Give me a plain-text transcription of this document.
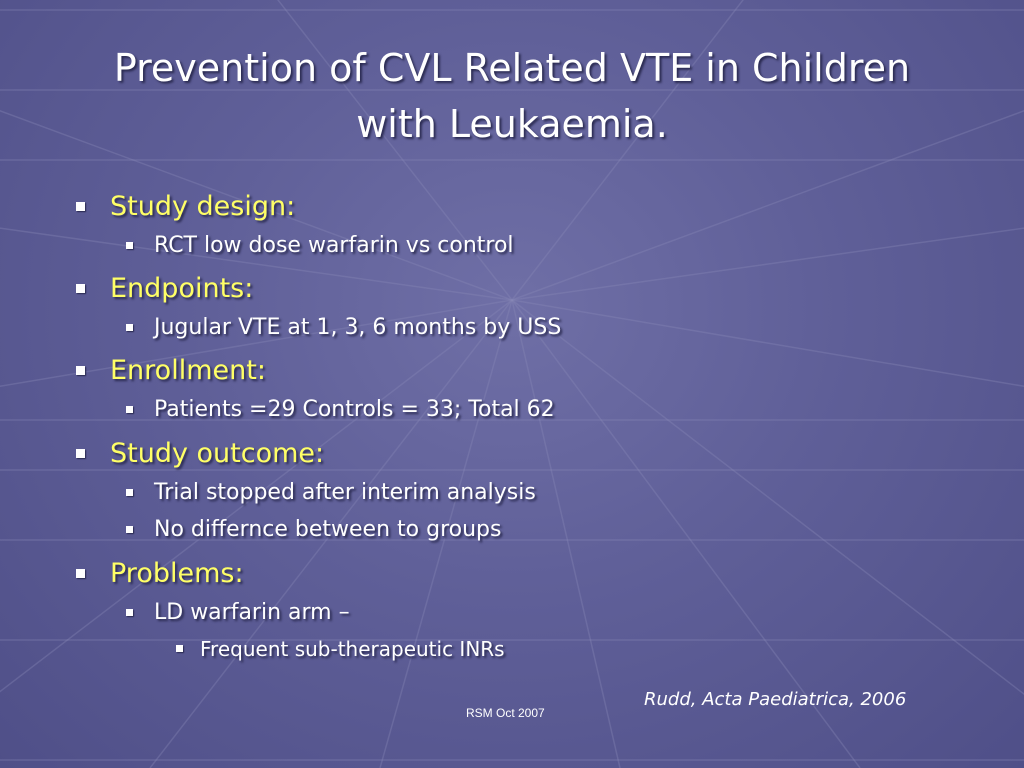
Prevention of CVL Related VTE in Children
with Leukaemia.
Study design:
RCT low dose warfarin vs control
Endpoints:
Jugular VTE at 1, 3, 6 months by USS
Enrollment:
Patients =29 Controls = 33; Total 62
Study outcome:
Trial stopped after interim analysis
No differnce between to groups
Problems:
LD warfarin arm –
Frequent sub-therapeutic INRs
Rudd, Acta Paediatrica, 2006
RSM Oct 2007
